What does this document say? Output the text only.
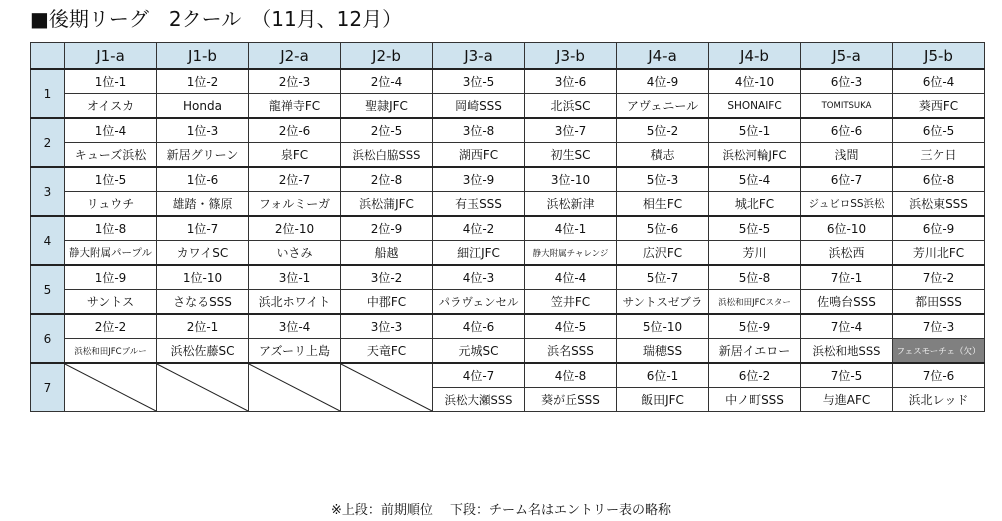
■後期リーグ　2クール　（11月、12月）
	J1-a	J1-b	J2-a	J2-b	J3-a	J3-b	J4-a	J4-b	J5-a	J5-b
1	1位-1	1位-2	2位-3	2位-4	3位-5	3位-6	4位-9	4位-10	6位-3	6位-4
	オイスカ	Honda	龍禅寺FC	聖隷JFC	岡崎SSS	北浜SC	アヴェニール	SHONAIFC	TOMITSUKA	葵西FC
2	1位-4	1位-3	2位-6	2位-5	3位-8	3位-7	5位-2	5位-1	6位-6	6位-5
	キューズ浜松	新居グリーン	泉FC	浜松白脇SSS	湖西FC	初生SC	積志	浜松河輪JFC	浅間	三ケ日
3	1位-5	1位-6	2位-7	2位-8	3位-9	3位-10	5位-3	5位-4	6位-7	6位-8
	リュウチ	雄踏・篠原	フォルミーガ	浜松蒲JFC	有玉SSS	浜松新津	相生FC	城北FC	ジュビロSS浜松	浜松東SSS
4	1位-8	1位-7	2位-10	2位-9	4位-2	4位-1	5位-6	5位-5	6位-10	6位-9
	静大附属パープル	カワイSC	いさみ	船越	細江JFC	静大附属チャレンジ	広沢FC	芳川	浜松西	芳川北FC
5	1位-9	1位-10	3位-1	3位-2	4位-3	4位-4	5位-7	5位-8	7位-1	7位-2
	サントス	さなるSSS	浜北ホワイト	中郡FC	パラヴェンセル	笠井FC	サントスゼブラ	浜松和田JFCスター	佐鳴台SSS	都田SSS
6	2位-2	2位-1	3位-4	3位-3	4位-6	4位-5	5位-10	5位-9	7位-4	7位-3
	浜松和田JFCブルー	浜松佐藤SC	アズーリ上島	天竜FC	元城SC	浜名SSS	瑞穂SS	新居イエロー	浜松和地SSS	フェスモーチェ（欠）
7					4位-7	4位-8	6位-1	6位-2	7位-5	7位-6
					浜松大瀬SSS	葵が丘SSS	飯田JFC	中ノ町SSS	与進AFC	浜北レッド
※上段：前期順位　 下段：チーム名はエントリー表の略称
